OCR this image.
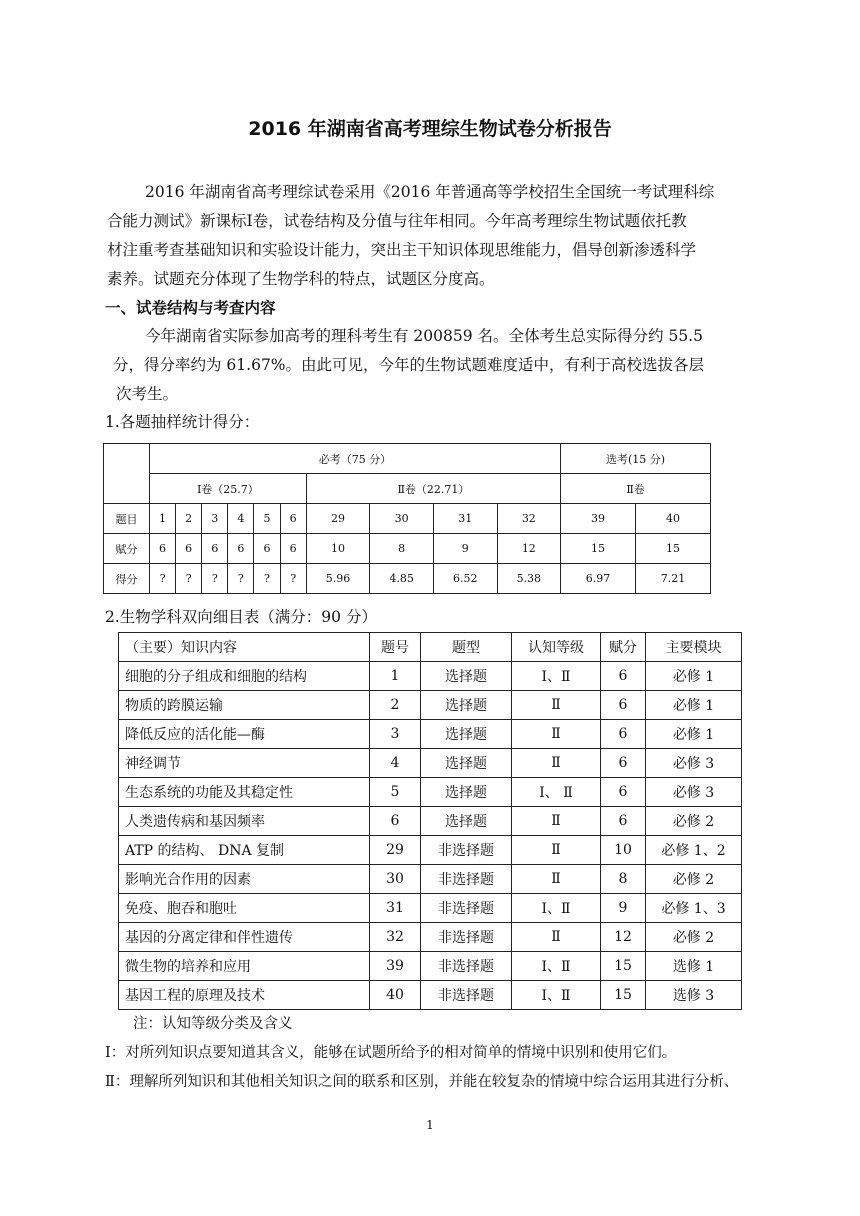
2016 年湖南省高考理综生物试卷分析报告
2016 年湖南省高考理综试卷采用《2016 年普通高等学校招生全国统一考试理科综
合能力测试》新课标Ⅰ卷，试卷结构及分值与往年相同。今年高考理综生物试题依托教
材注重考查基础知识和实验设计能力，突出主干知识体现思维能力，倡导创新渗透科学
素养。试题充分体现了生物学科的特点，试题区分度高。
一、试卷结构与考查内容
今年湖南省实际参加高考的理科考生有 200859 名。全体考生总实际得分约 55.5
分，得分率约为 61.67%。由此可见，今年的生物试题难度适中，有利于高校选拔各层
次考生。
1.各题抽样统计得分：
	必考（75 分）										选考(15 分)	
	Ⅰ卷（25.7）						Ⅱ卷（22.71）				Ⅱ卷	
题目	1	2	3	4	5	6	29	30	31	32	39	40
赋分	6	6	6	6	6	6	10	8	9	12	15	15
得分	?	?	?	?	?	?	5.96	4.85	6.52	5.38	6.97	7.21
2.生物学科双向细目表（满分：90 分）
（主要）知识内容	题号	题型	认知等级	赋分	主要模块
细胞的分子组成和细胞的结构	1	选择题	Ⅰ、Ⅱ	6	必修 1
物质的跨膜运输	2	选择题	Ⅱ	6	必修 1
降低反应的活化能—酶	3	选择题	Ⅱ	6	必修 1
神经调节	4	选择题	Ⅱ	6	必修 3
生态系统的功能及其稳定性	5	选择题	Ⅰ、 Ⅱ	6	必修 3
人类遗传病和基因频率	6	选择题	Ⅱ	6	必修 2
ATP 的结构、 DNA 复制	29	非选择题	Ⅱ	10	必修 1、2
影响光合作用的因素	30	非选择题	Ⅱ	8	必修 2
免疫、胞吞和胞吐	31	非选择题	Ⅰ、Ⅱ	9	必修 1、3
基因的分离定律和伴性遗传	32	非选择题	Ⅱ	12	必修 2
微生物的培养和应用	39	非选择题	Ⅰ、Ⅱ	15	选修 1
基因工程的原理及技术	40	非选择题	Ⅰ、Ⅱ	15	选修 3
注：认知等级分类及含义
Ⅰ：对所列知识点要知道其含义，能够在试题所给予的相对简单的情境中识别和使用它们。
Ⅱ：理解所列知识和其他相关知识之间的联系和区别，并能在较复杂的情境中综合运用其进行分析、
1
